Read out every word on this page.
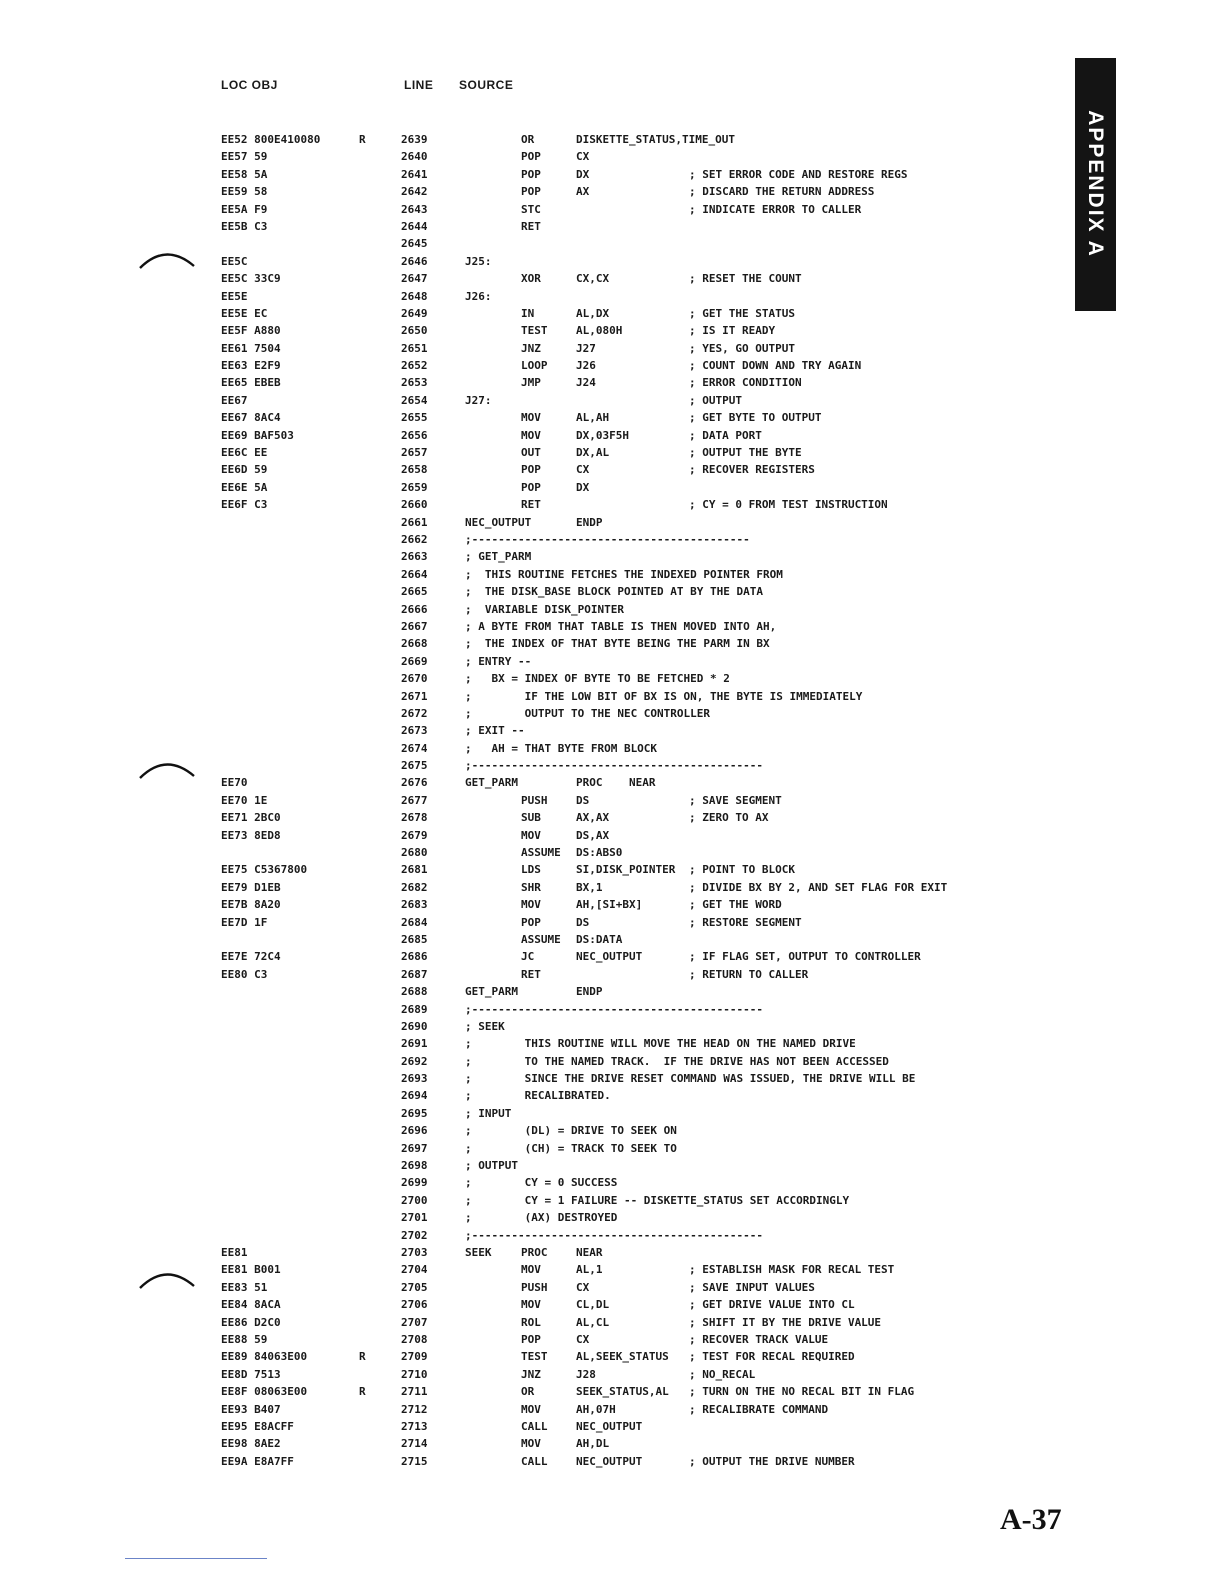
LOC OBJ	LINE SOURCE
EE52 800E410080	R	2639	OR	DISKETTE_STATUS,TIME_OUT
EE57 59	2640	POP	CX
EE58 5A	2641	POP	DX	; SET ERROR CODE AND RESTORE REGS
EE59 58	2642	POP	AX	; DISCARD THE RETURN ADDRESS
EE5A F9	2643	STC	; INDICATE ERROR TO CALLER
EE5B C3	2644	RET
2645
EE5C	2646	J25:
EE5C 33C9	2647	XOR	CX,CX	; RESET THE COUNT
EE5E	2648	J26:
EE5E EC	2649	IN	AL,DX	; GET THE STATUS
EE5F A880	2650	TEST	AL,080H	; IS IT READY
EE61 7504	2651	JNZ	J27	; YES, GO OUTPUT
EE63 E2F9	2652	LOOP	J26	; COUNT DOWN AND TRY AGAIN
EE65 EBEB	2653	JMP	J24	; ERROR CONDITION
EE67	2654	J27:	; OUTPUT
EE67 8AC4	2655	MOV	AL,AH	; GET BYTE TO OUTPUT
EE69 BAF503	2656	MOV	DX,03F5H	; DATA PORT
EE6C EE	2657	OUT	DX,AL	; OUTPUT THE BYTE
EE6D 59	2658	POP	CX	; RECOVER REGISTERS
EE6E 5A	2659	POP	DX
EE6F C3	2660	RET	; CY = 0 FROM TEST INSTRUCTION
2661	NEC_OUTPUT	ENDP
2662	;------------------------------------------
2663	; GET_PARM
2664	;  THIS ROUTINE FETCHES THE INDEXED POINTER FROM
2665	;  THE DISK_BASE BLOCK POINTED AT BY THE DATA
2666	;  VARIABLE DISK_POINTER
2667	; A BYTE FROM THAT TABLE IS THEN MOVED INTO AH,
2668	;  THE INDEX OF THAT BYTE BEING THE PARM IN BX
2669	; ENTRY --
2670	;   BX = INDEX OF BYTE TO BE FETCHED * 2
2671	;        IF THE LOW BIT OF BX IS ON, THE BYTE IS IMMEDIATELY
2672	;        OUTPUT TO THE NEC CONTROLLER
2673	; EXIT --
2674	;   AH = THAT BYTE FROM BLOCK
2675	;--------------------------------------------
EE70	2676	GET_PARM	PROC    NEAR
EE70 1E	2677	PUSH	DS	; SAVE SEGMENT
EE71 2BC0	2678	SUB	AX,AX	; ZERO TO AX
EE73 8ED8	2679	MOV	DS,AX
2680	ASSUME DS:ABS0
EE75 C5367800	2681	LDS	SI,DISK_POINTER ; POINT TO BLOCK
EE79 D1EB	2682	SHR	BX,1	; DIVIDE BX BY 2, AND SET FLAG FOR EXIT
EE7B 8A20	2683	MOV	AH,[SI+BX]	; GET THE WORD
EE7D 1F	2684	POP	DS	; RESTORE SEGMENT
2685	ASSUME DS:DATA
EE7E 72C4	2686	JC	NEC_OUTPUT	; IF FLAG SET, OUTPUT TO CONTROLLER
EE80 C3	2687	RET	; RETURN TO CALLER
2688	GET_PARM	ENDP
2689	;--------------------------------------------
2690	; SEEK
2691	;        THIS ROUTINE WILL MOVE THE HEAD ON THE NAMED DRIVE
2692	;        TO THE NAMED TRACK.  IF THE DRIVE HAS NOT BEEN ACCESSED
2693	;        SINCE THE DRIVE RESET COMMAND WAS ISSUED, THE DRIVE WILL BE
2694	;        RECALIBRATED.
2695	; INPUT
2696	;        (DL) = DRIVE TO SEEK ON
2697	;        (CH) = TRACK TO SEEK TO
2698	; OUTPUT
2699	;        CY = 0 SUCCESS
2700	;        CY = 1 FAILURE -- DISKETTE_STATUS SET ACCORDINGLY
2701	;        (AX) DESTROYED
2702	;--------------------------------------------
EE81	2703	SEEK	PROC	NEAR
EE81 B001	2704	MOV	AL,1	; ESTABLISH MASK FOR RECAL TEST
EE83 51	2705	PUSH	CX	; SAVE INPUT VALUES
EE84 8ACA	2706	MOV	CL,DL	; GET DRIVE VALUE INTO CL
EE86 D2C0	2707	ROL	AL,CL	; SHIFT IT BY THE DRIVE VALUE
EE88 59	2708	POP	CX	; RECOVER TRACK VALUE
EE89 84063E00	R	2709	TEST	AL,SEEK_STATUS ; TEST FOR RECAL REQUIRED
EE8D 7513	2710	JNZ	J28	; NO_RECAL
EE8F 08063E00	R	2711	OR	SEEK_STATUS,AL ; TURN ON THE NO RECAL BIT IN FLAG
EE93 B407	2712	MOV	AH,07H	; RECALIBRATE COMMAND
EE95 E8ACFF	2713	CALL	NEC_OUTPUT
EE98 8AE2	2714	MOV	AH,DL
EE9A E8A7FF	2715	CALL	NEC_OUTPUT	; OUTPUT THE DRIVE NUMBER
APPENDIX A
A-37
